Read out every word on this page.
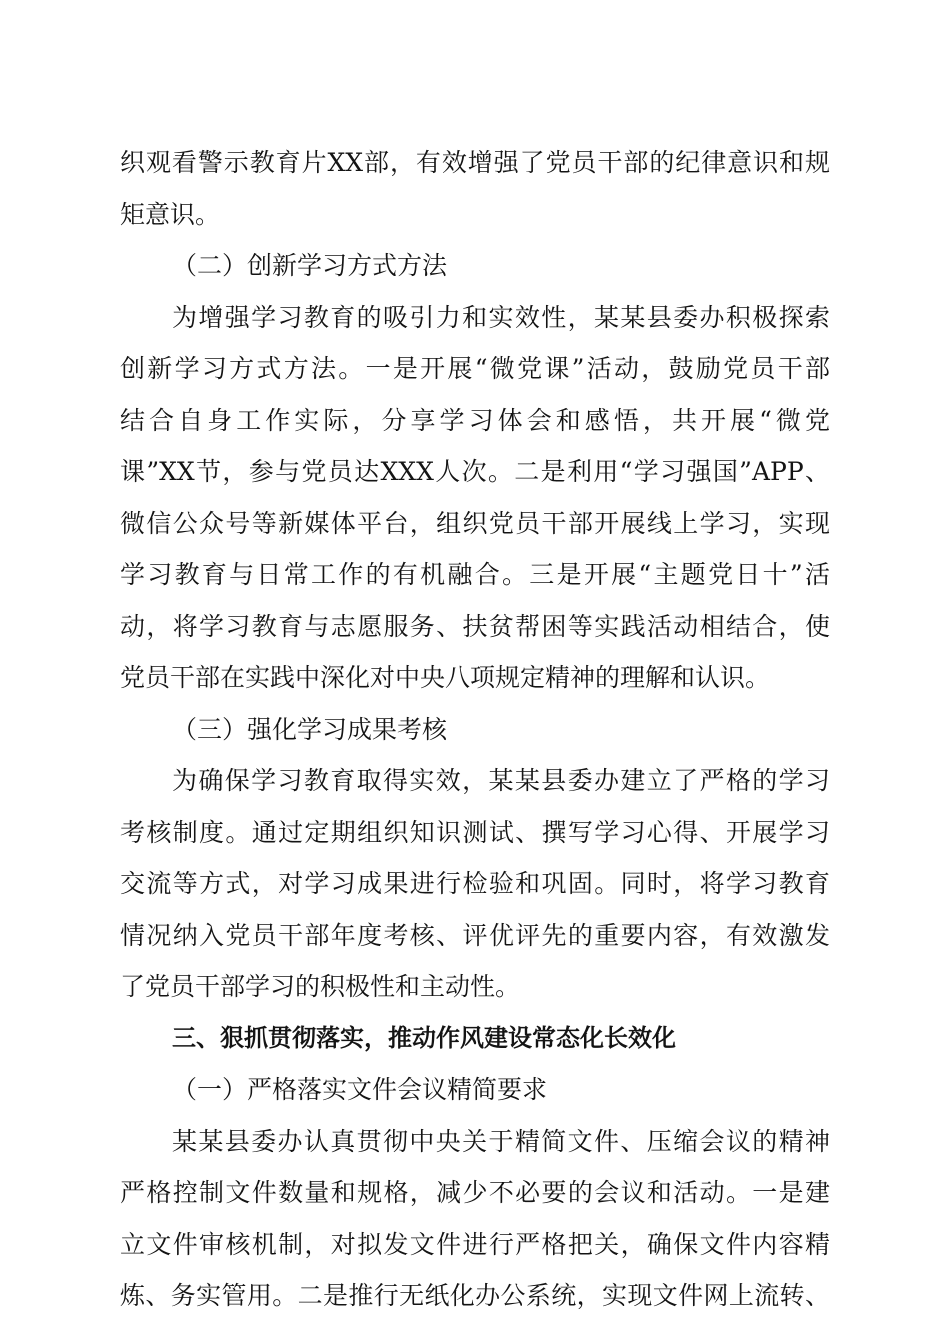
织观看警示教育片XX部，有效增强了党员干部的纪律意识和规
矩意识。
（二）创新学习方式方法
为增强学习教育的吸引力和实效性，某某县委办积极探索
创新学习方式方法。一是开展“微党课”活动，鼓励党员干部
结合自身工作实际，分享学习体会和感悟，共开展“微党
课”XX节，参与党员达XXX人次。二是利用“学习强国”APP、
微信公众号等新媒体平台，组织党员干部开展线上学习，实现
学习教育与日常工作的有机融合。三是开展“主题党日十”活
动，将学习教育与志愿服务、扶贫帮困等实践活动相结合，使
党员干部在实践中深化对中央八项规定精神的理解和认识。
（三）强化学习成果考核
为确保学习教育取得实效，某某县委办建立了严格的学习
考核制度。通过定期组织知识测试、撰写学习心得、开展学习
交流等方式，对学习成果进行检验和巩固。同时，将学习教育
情况纳入党员干部年度考核、评优评先的重要内容，有效激发
了党员干部学习的积极性和主动性。
三、狠抓贯彻落实，推动作风建设常态化长效化
（一）严格落实文件会议精简要求
某某县委办认真贯彻中央关于精简文件、压缩会议的精神
严格控制文件数量和规格，减少不必要的会议和活动。一是建
立文件审核机制，对拟发文件进行严格把关，确保文件内容精
炼、务实管用。二是推行无纸化办公系统，实现文件网上流转、
